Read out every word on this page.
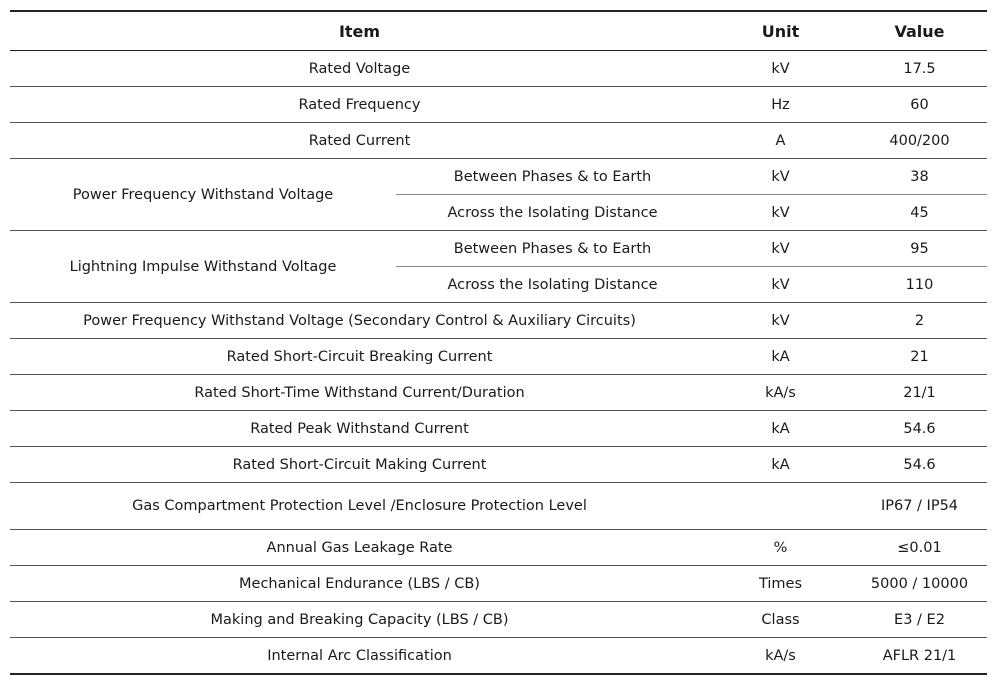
Item		Unit	Value
Rated Voltage		kV	17.5
Rated Frequency		Hz	60
Rated Current		A	400/200
Power Frequency Withstand Voltage	Between Phases & to Earth	kV	38
	Across the Isolating Distance	kV	45
Lightning Impulse Withstand Voltage	Between Phases & to Earth	kV	95
	Across the Isolating Distance	kV	110
Power Frequency Withstand Voltage (Secondary Control & Auxiliary Circuits)		kV	2
Rated Short-Circuit Breaking Current		kA	21
Rated Short-Time Withstand Current/Duration		kA/s	21/1
Rated Peak Withstand Current		kA	54.6
Rated Short-Circuit Making Current		kA	54.6
Gas Compartment Protection Level /Enclosure Protection Level			IP67 / IP54
Annual Gas Leakage Rate		%	≤0.01
Mechanical Endurance (LBS / CB)		Times	5000 / 10000
Making and Breaking Capacity (LBS / CB)		Class	E3 / E2
Internal Arc Classification		kA/s	AFLR 21/1
